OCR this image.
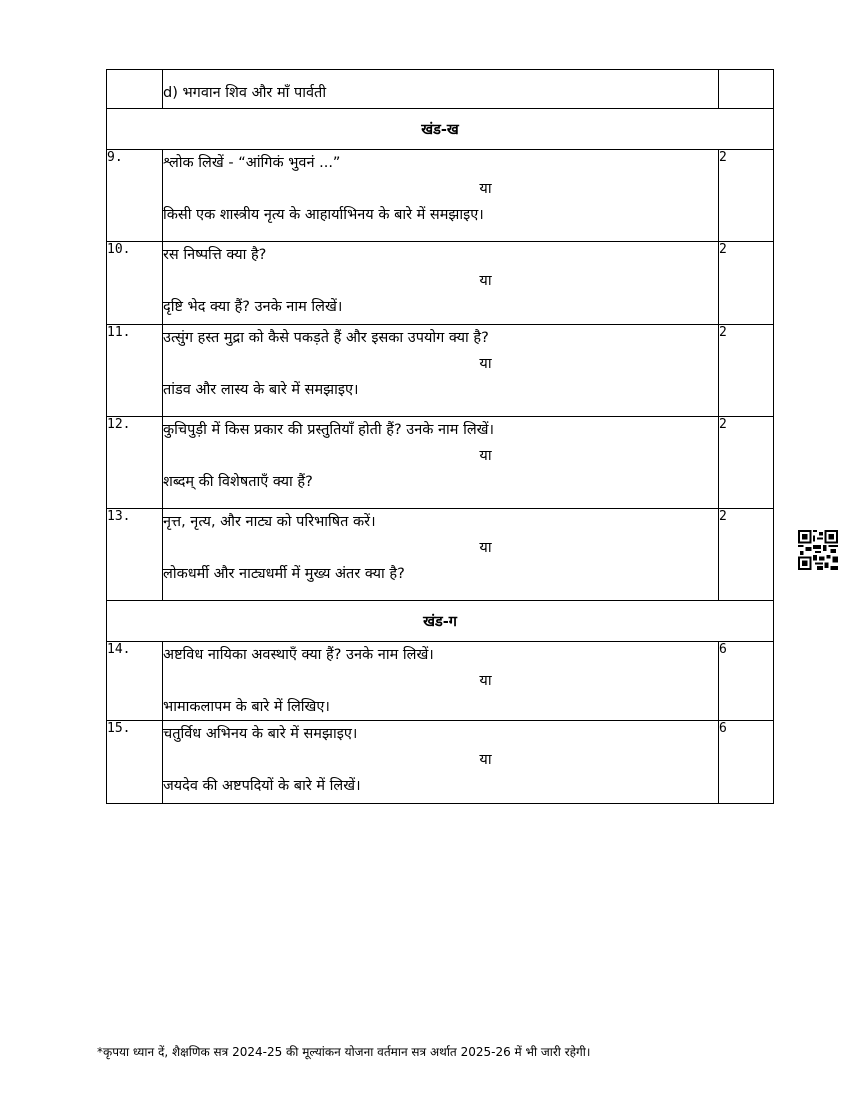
	d) भगवान शिव और माँ पार्वती	

खंड-ख		
9.	श्लोक लिखें - “आंगिकं भुवनं ...”
या
किसी एक शास्त्रीय नृत्य के आहार्याभिनय के बारे में समझाइए।	2
10.	रस निष्पत्ति क्या है?
या
दृष्टि भेद क्या हैं? उनके नाम लिखें।	2
11.	उत्सुंग हस्त मुद्रा को कैसे पकड़ते हैं और इसका उपयोग क्या है?
या
तांडव और लास्य के बारे में समझाइए।	2
12.	कुचिपुड़ी में किस प्रकार की प्रस्तुतियाँ होती हैं? उनके नाम लिखें।
या
शब्दम् की विशेषताएँ क्या हैं?	2
13.	नृत्त, नृत्य, और नाट्य को परिभाषित करें।
या
लोकधर्मी और नाट्यधर्मी में मुख्य अंतर क्या है?	2
खंड-ग		
14.	अष्टविध नायिका अवस्थाएँ क्या हैं? उनके नाम लिखें।
या
भामाकलापम के बारे में लिखिए।	6
15.	चतुर्विध अभिनय के बारे में समझाइए।
या
जयदेव की अष्टपदियों के बारे में लिखें।	6
*कृपया ध्यान दें, शैक्षणिक सत्र 2024-25 की मूल्यांकन योजना वर्तमान सत्र अर्थात 2025-26 में भी जारी रहेगी।
